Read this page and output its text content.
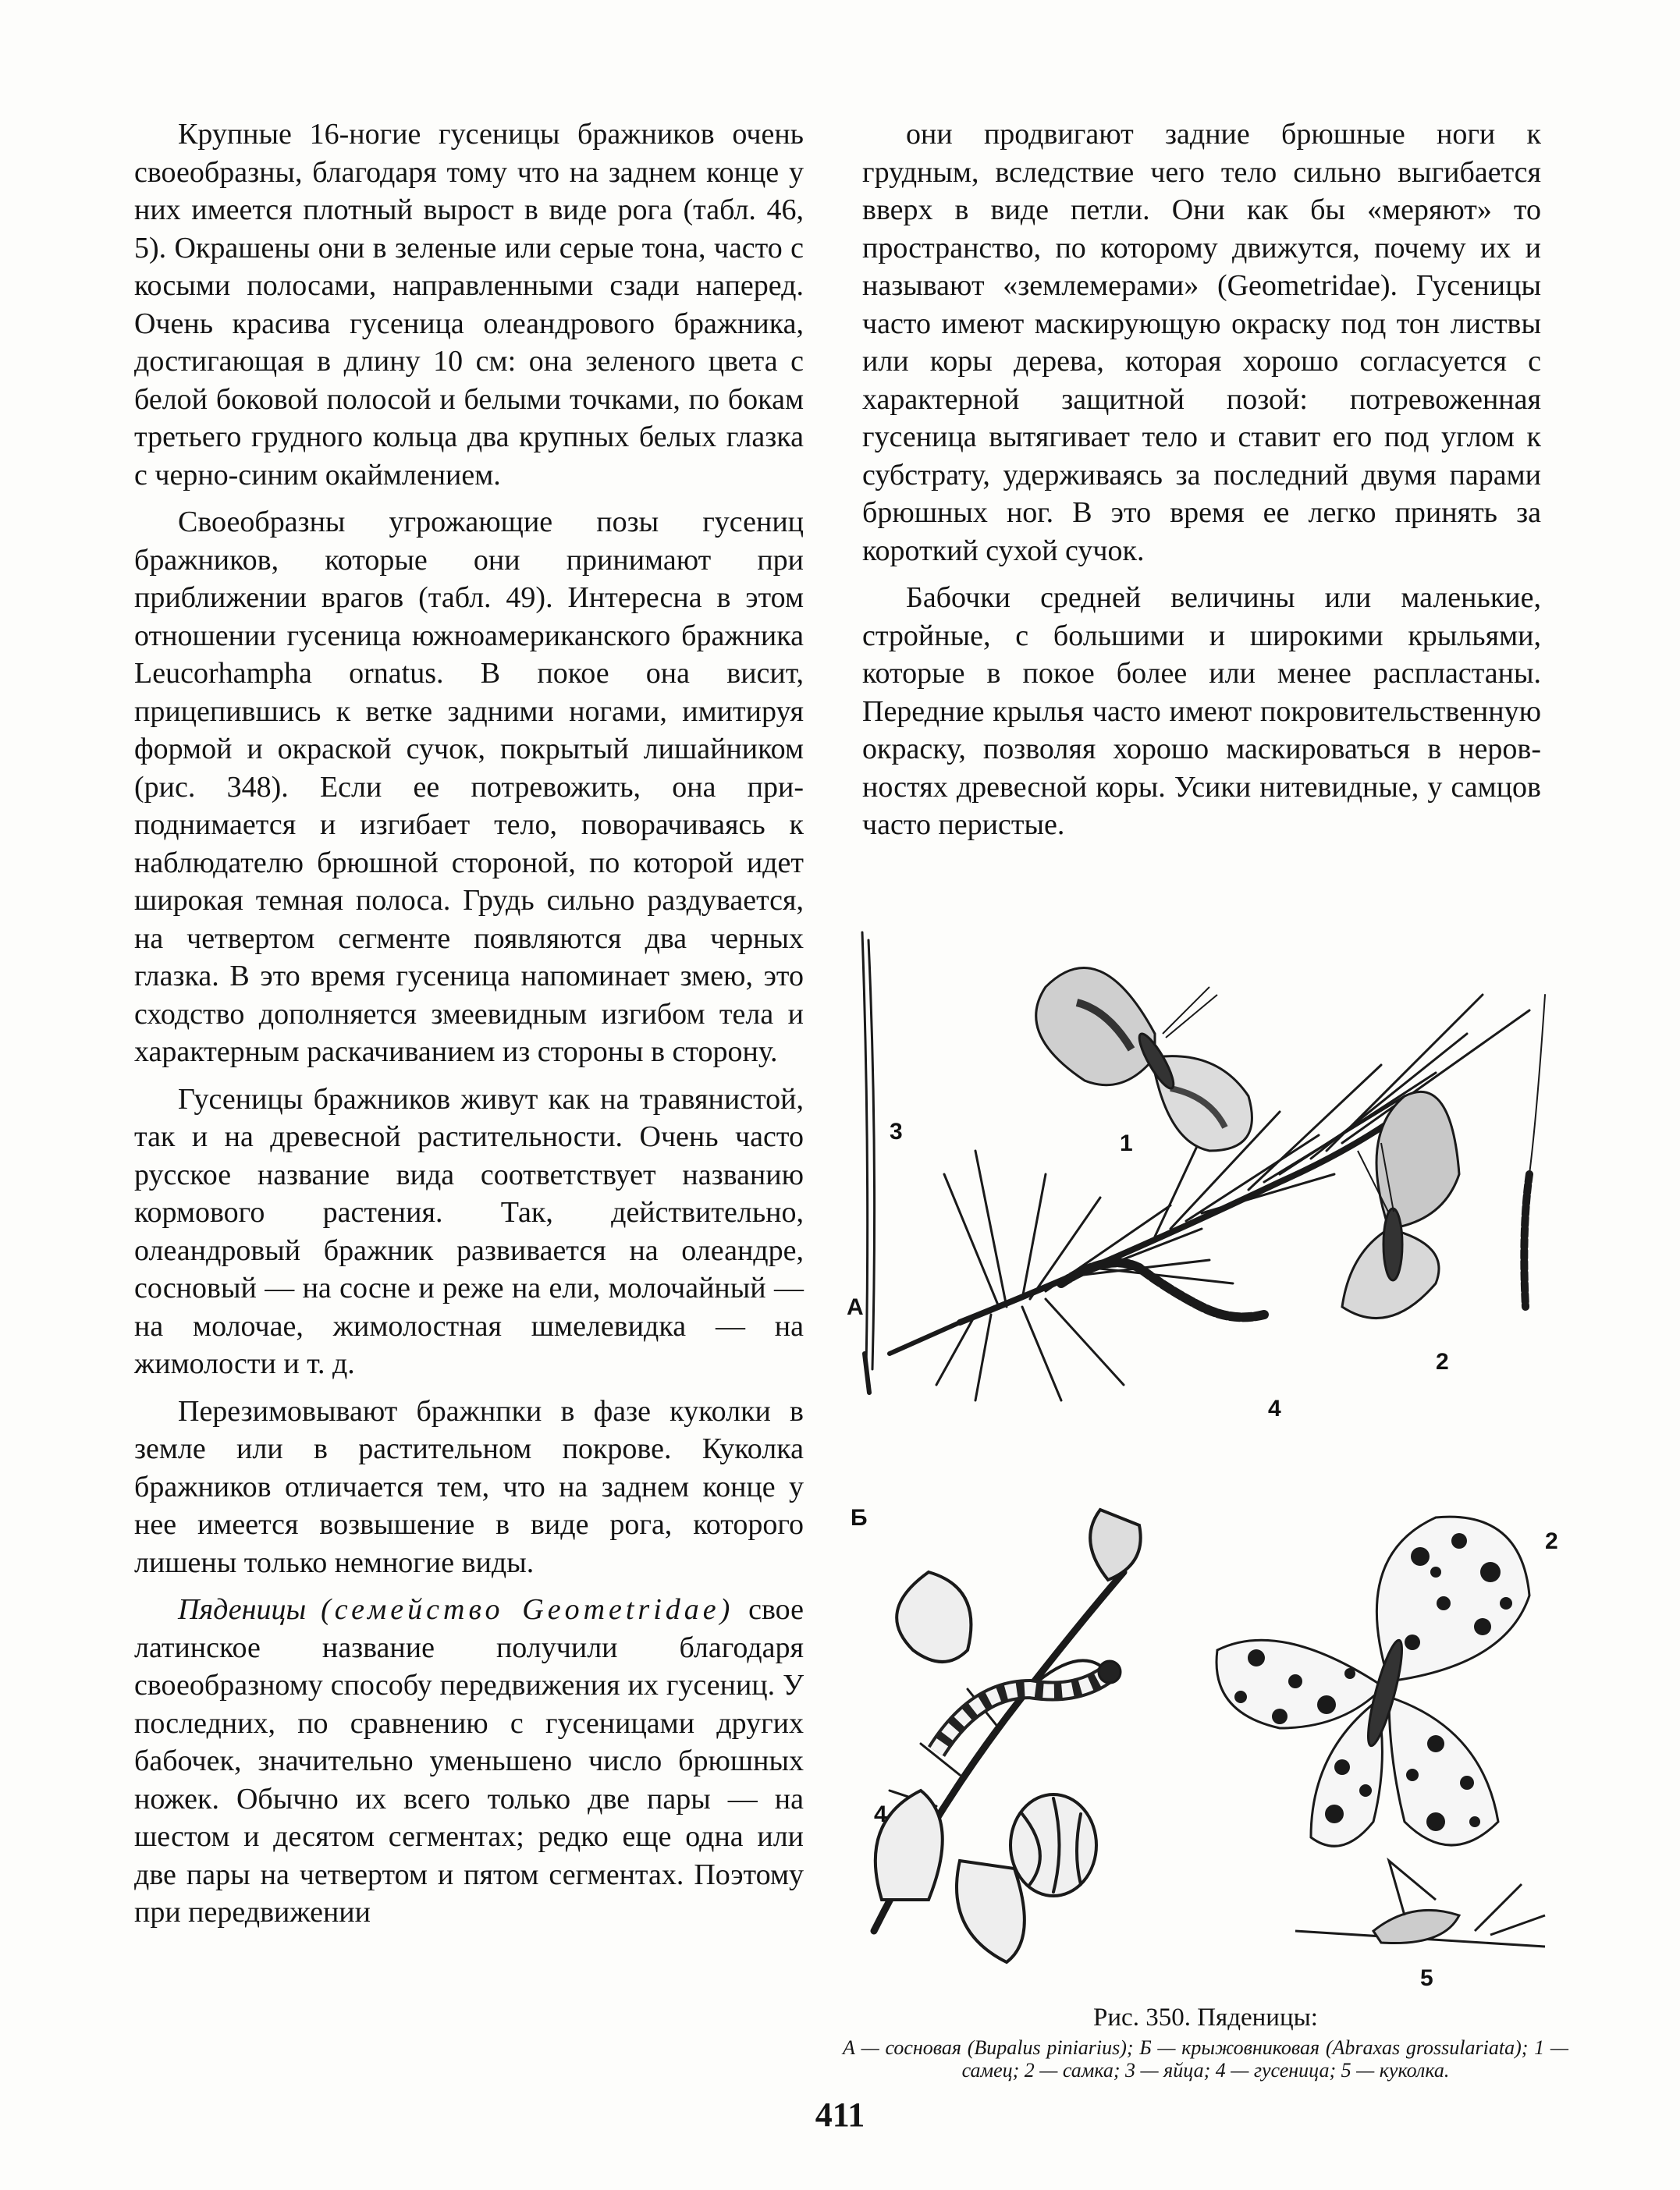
Крупные 16-ногие гусеницы бражников очень своеобразны, благодаря тому что на заднем конце у них имеется плотный вырост в виде рога (табл. 46, 5). Окрашены они в зеленые или серые тона, часто с косыми полосами, направленными сзади наперед. Очень красива гусеница олеандрового бражника, достигающая в длину 10 см: она зеленого цвета с белой боковой полосой и белыми точками, по бокам третьего грудного кольца два крупных белых глазка с черно-синим окаймлением.

Своеобразны угрожающие позы гусениц бражников, которые они принимают при приближении врагов (табл. 49). Интересна в этом отношении гусеница южноамериканского бражника Leucorhampha ornatus. В покое она висит, прицепившись к ветке задними ногами, имитируя формой и окраской сучок, покрытый лишайником (рис. 348). Если ее потревожить, она приподнимается и изгибает тело, поворачиваясь к наблюдателю брюшной стороной, по которой идет широкая темная полоса. Грудь сильно раздувается, на четвертом сегменте появляются два черных глазка. В это время гусеница напоминает змею, это сходство дополняется змеевидным изгибом тела и характерным раскачиванием из стороны в сторону.

Гусеницы бражников живут как на травянистой, так и на древесной растительности. Очень часто русское название вида соответствует названию кормового растения. Так, действительно, олеандровый бражник развивается на олеандре, сосновый — на сосне и реже на ели, молочайный — на молочае, жимолостная шмелевидка — на жимолости и т. д.

Перезимовывают бражнпки в фазе куколки в земле или в растительном покрове. Куколка бражников отличается тем, что на заднем конце у нее имеется возвышение в виде рога, которого лишены только немногие виды.

Пяденицы (семейство Geometridae) свое латинское название получили благодаря своеобразному способу передвижения их гусениц. У последних, по сравнению с гусеницами других бабочек, значительно уменьшено число брюшных ножек. Обычно их всего только две пары — на шестом и десятом сегментах; редко еще одна или две пары на четвертом и пятом сегментах. Поэтому при передвижении

они продвигают задние брюшные ноги к грудным, вследствие чего тело сильно выгибается вверх в виде петли. Они как бы «меряют» то пространство, по которому движутся, почему их и называют «землемерами» (Geometridae). Гусеницы часто имеют маскирующую окраску под тон листвы или коры дерева, которая хорошо согласуется с характерной защитной позой: потревоженная гусеница вытягивает тело и ставит его под углом к субстрату, удерживаясь за последний двумя парами брюшных ног. В это время ее легко принять за короткий сухой сучок.

Бабочки средней величины или маленькие, стройные, с большими и широкими крыльями, которые в покое более или менее распластаны. Передние крылья часто имеют покровительственную окраску, позволяя хорошо маскироваться в неровностях древесной коры. Усики нитевидные, у самцов часто перистые.

3
А
1
2
4
Б
2
4
5

Рис. 350. Пяденицы:

А — сосновая (Bupalus piniarius); Б — крыжовниковая (Abraxas grossulariata); 1 — самец; 2 — самка; 3 — яйца; 4 — гусеница; 5 — куколка.

411
